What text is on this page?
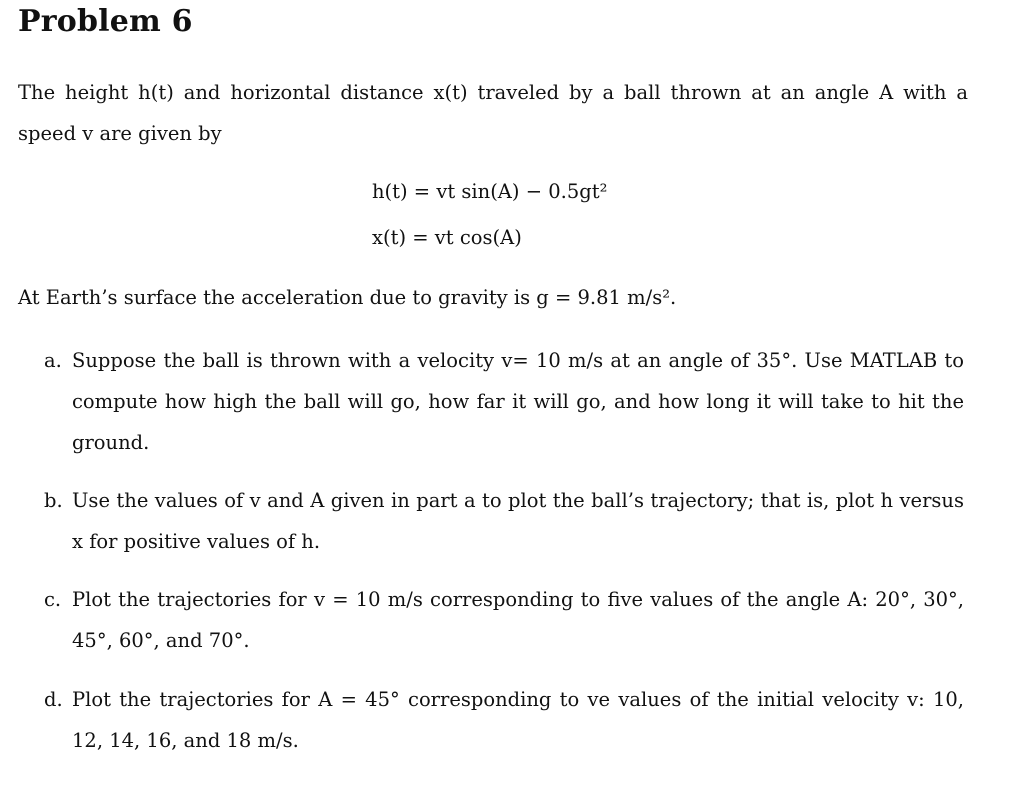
Problem 6
The height h(t) and horizontal distance x(t) traveled by a ball thrown at an angle A with a speed v are given by
h(t) = vt sin(A) − 0.5gt²
x(t) = vt cos(A)
At Earth’s surface the acceleration due to gravity is g = 9.81 m/s².
a. Suppose the ball is thrown with a velocity v= 10 m/s at an angle of 35°. Use MATLAB to compute how high the ball will go, how far it will go, and how long it will take to hit the ground.
b. Use the values of v and A given in part a to plot the ball’s trajectory; that is, plot h versus x for positive values of h.
c. Plot the trajectories for v = 10 m/s corresponding to five values of the angle A: 20°, 30°, 45°, 60°, and 70°.
d. Plot the trajectories for A = 45° corresponding to ve values of the initial velocity v: 10, 12, 14, 16, and 18 m/s.
